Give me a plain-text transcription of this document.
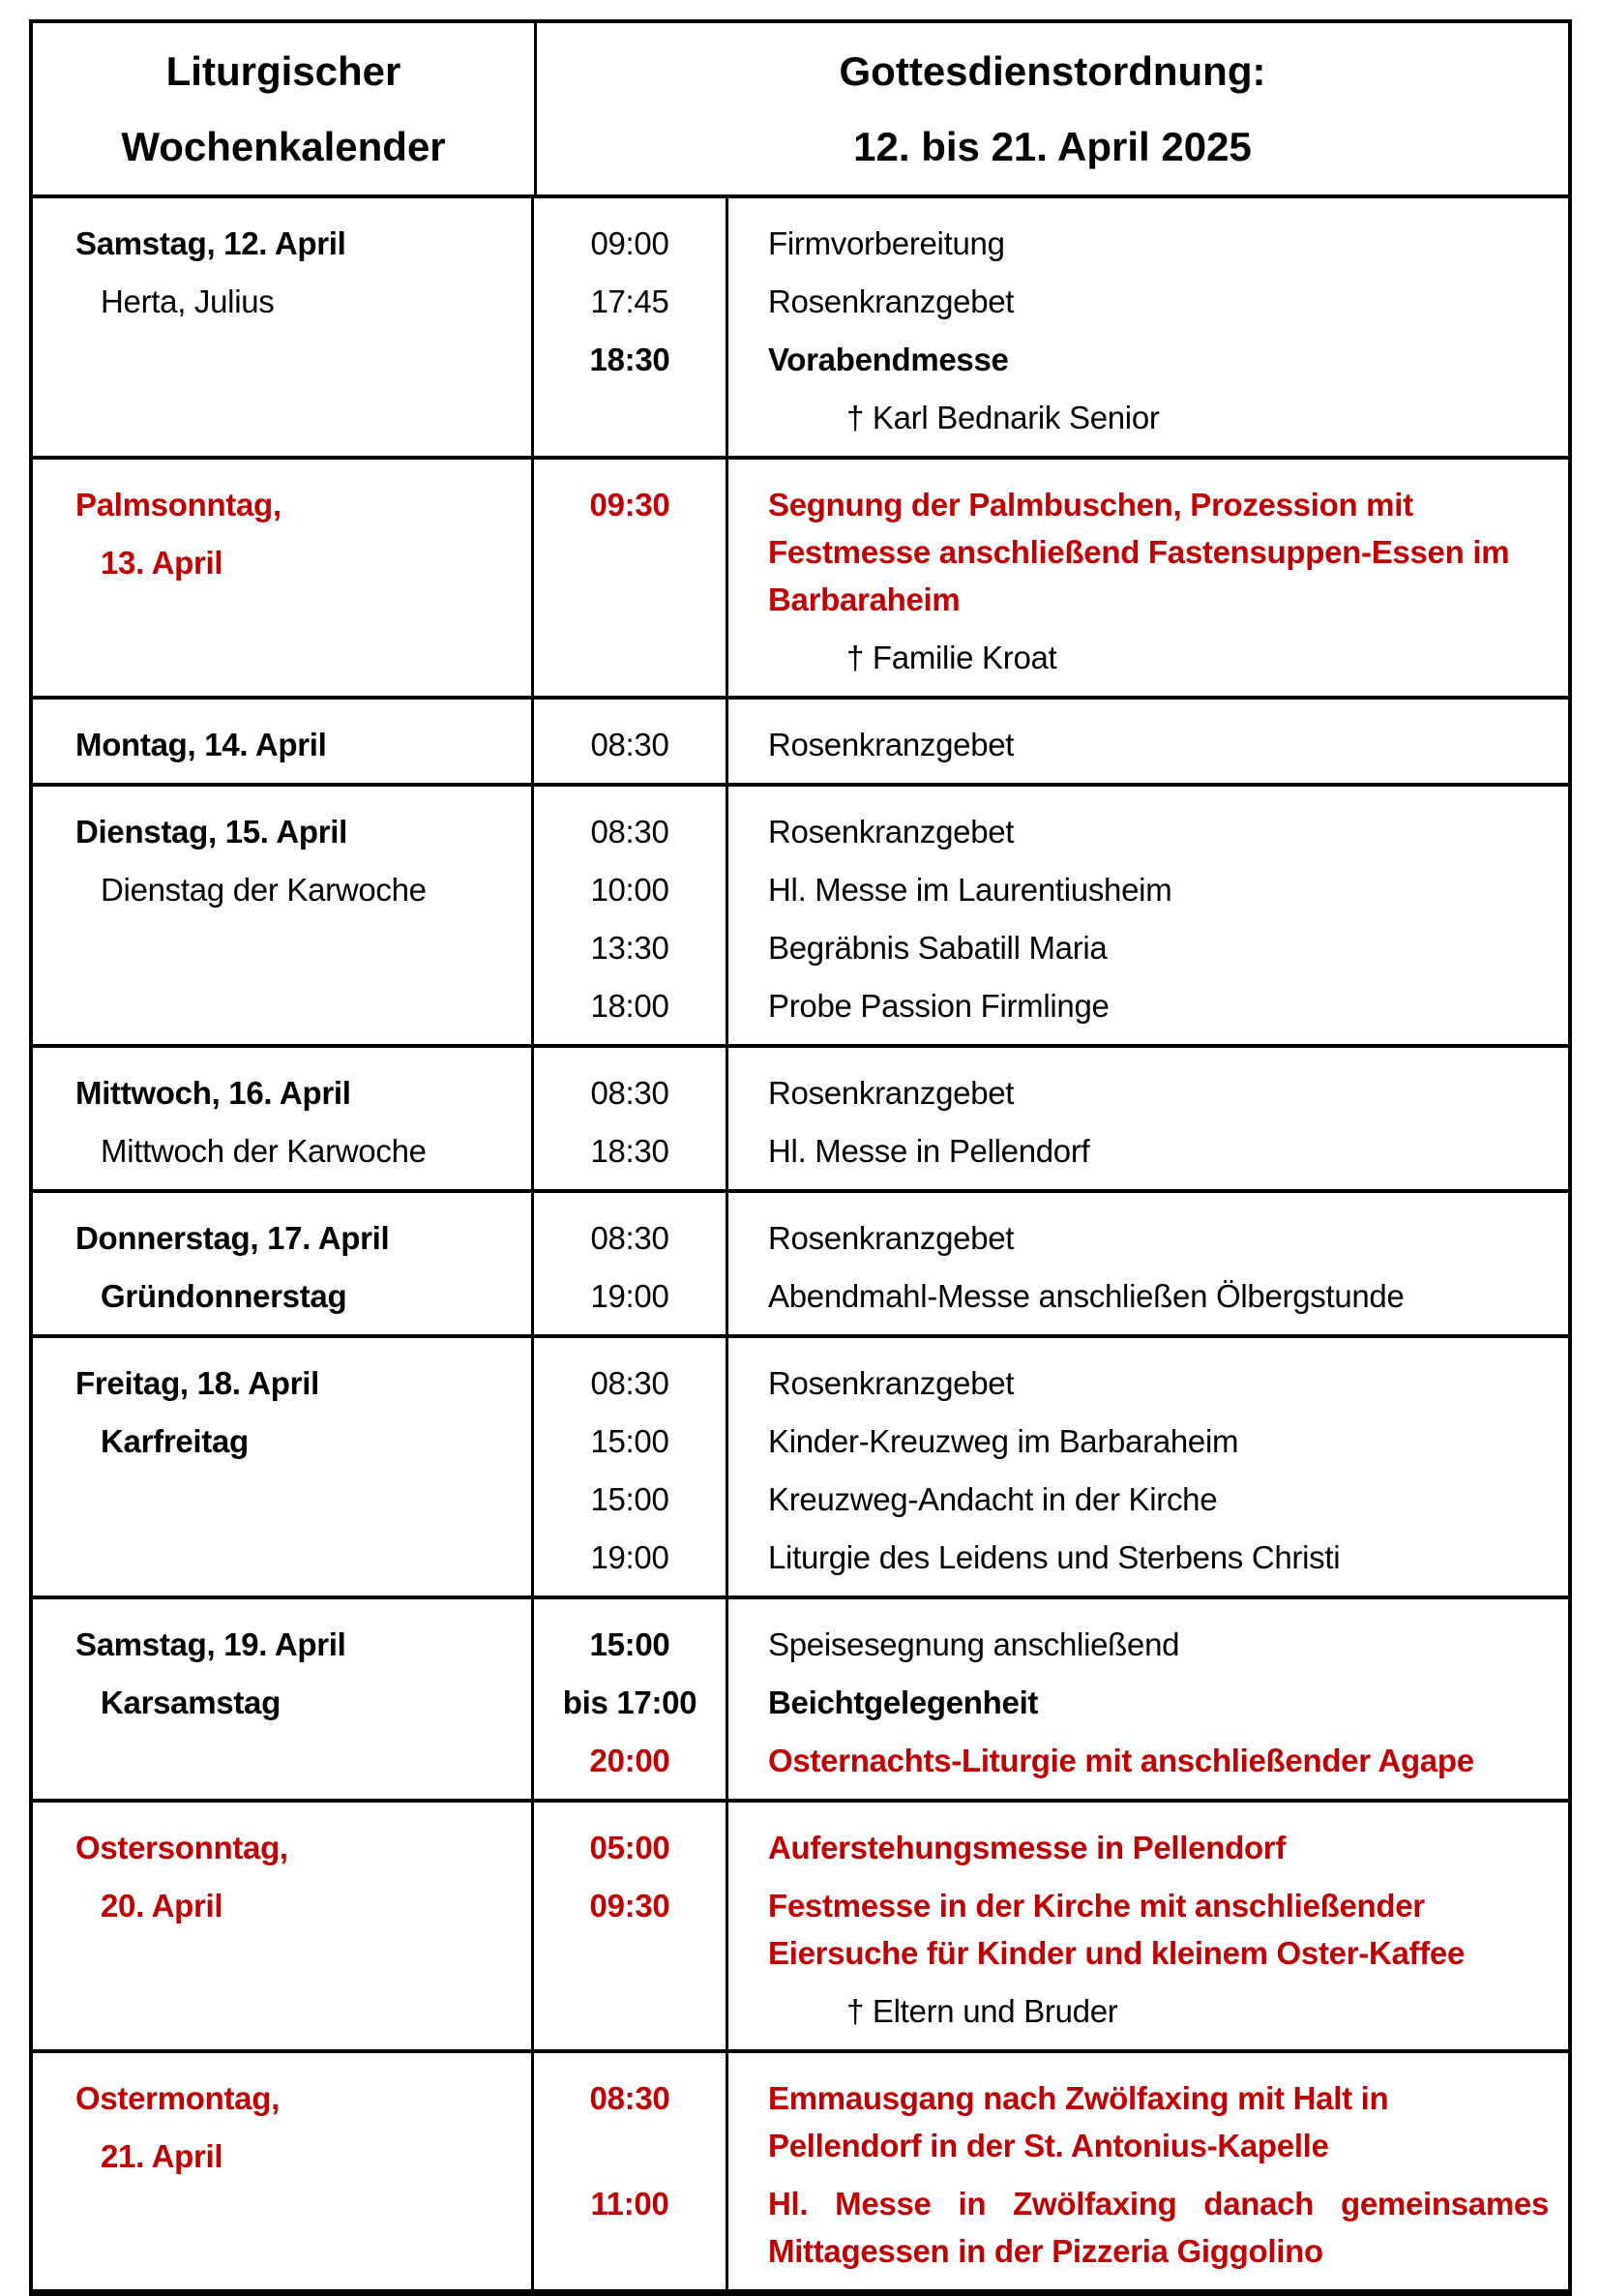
Liturgischer
Wochenkalender
Gottesdienstordnung:
12. bis 21. April 2025
Samstag, 12. April
Herta, Julius
09:00	Firmvorbereitung
17:45	Rosenkranzgebet
18:30	Vorabendmesse
† Karl Bednarik Senior
Palmsonntag,
13. April
09:30	Segnung der Palmbuschen, Prozession mit Festmesse anschließend Fastensuppen-Essen im Barbaraheim
† Familie Kroat
Montag, 14. April	08:30	Rosenkranzgebet
Dienstag, 15. April
Dienstag der Karwoche
08:30	Rosenkranzgebet
10:00	Hl. Messe im Laurentiusheim
13:30	Begräbnis Sabatill Maria
18:00	Probe Passion Firmlinge
Mittwoch, 16. April
Mittwoch der Karwoche
08:30	Rosenkranzgebet
18:30	Hl. Messe in Pellendorf
Donnerstag, 17. April
Gründonnerstag
08:30	Rosenkranzgebet
19:00	Abendmahl-Messe anschließen Ölbergstunde
Freitag, 18. April
Karfreitag
08:30	Rosenkranzgebet
15:00	Kinder-Kreuzweg im Barbaraheim
15:00	Kreuzweg-Andacht in der Kirche
19:00	Liturgie des Leidens und Sterbens Christi
Samstag, 19. April
Karsamstag
15:00	Speisesegnung anschließend
bis 17:00	Beichtgelegenheit
20:00	Osternachts-Liturgie mit anschließender Agape
Ostersonntag,
20. April
05:00	Auferstehungsmesse in Pellendorf
09:30	Festmesse in der Kirche mit anschließender Eiersuche für Kinder und kleinem Oster-Kaffee
† Eltern und Bruder
Ostermontag,
21. April
08:30	Emmausgang nach Zwölfaxing mit Halt in Pellendorf in der St. Antonius-Kapelle
11:00	Hl. Messe in Zwölfaxing danach gemeinsames Mittagessen in der Pizzeria Giggolino
